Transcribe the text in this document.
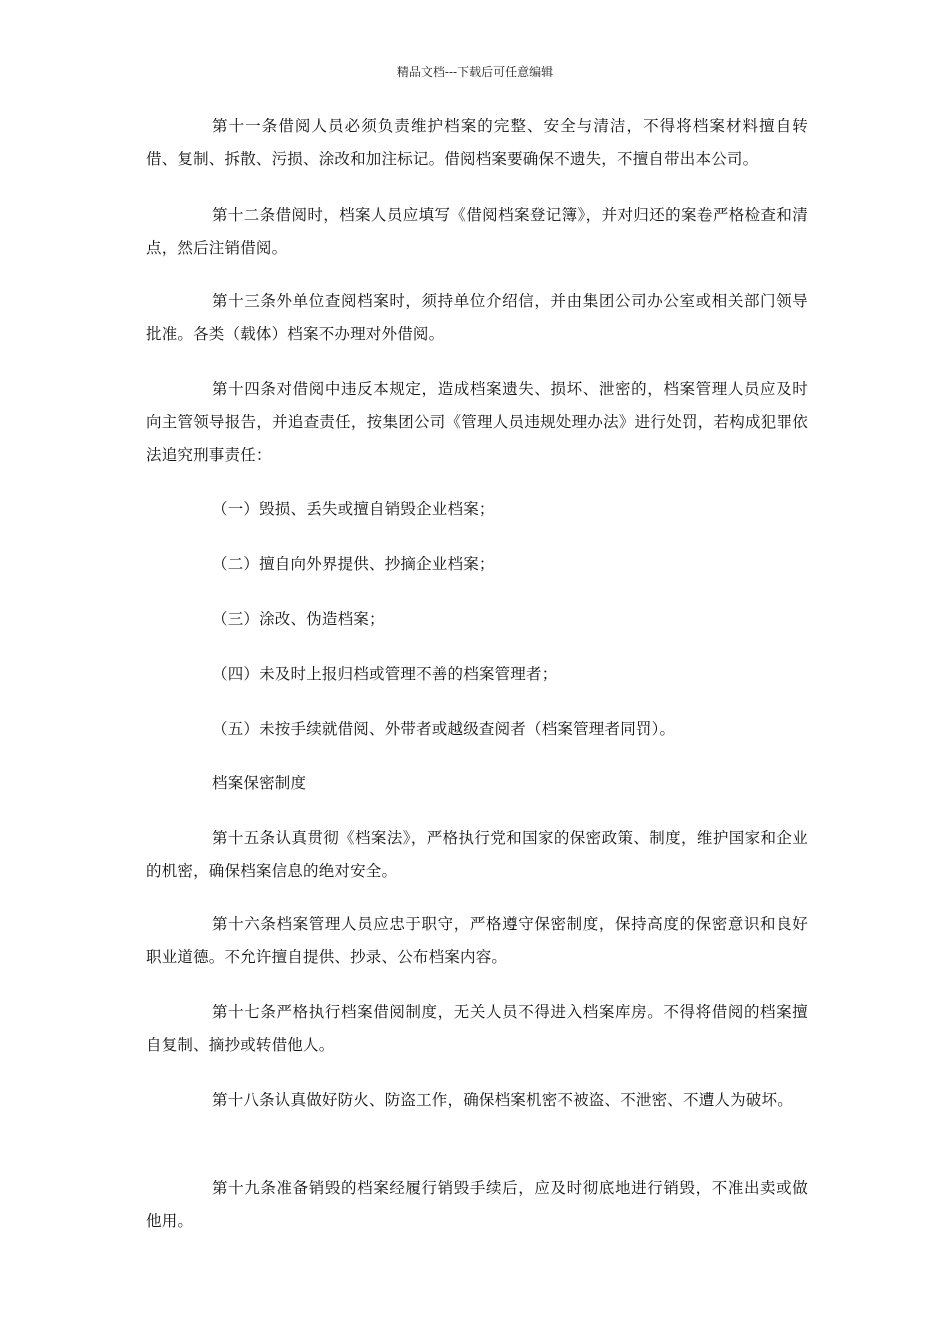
精品文档---下载后可任意编辑

第十一条借阅人员必须负责维护档案的完整、安全与清洁，不得将档案材料擅自转借、复制、拆散、污损、涂改和加注标记。借阅档案要确保不遗失，不擅自带出本公司。

第十二条借阅时，档案人员应填写《借阅档案登记簿》，并对归还的案卷严格检查和清点，然后注销借阅。

第十三条外单位查阅档案时，须持单位介绍信，并由集团公司办公室或相关部门领导批准。各类（载体）档案不办理对外借阅。

第十四条对借阅中违反本规定，造成档案遗失、损坏、泄密的，档案管理人员应及时向主管领导报告，并追查责任，按集团公司《管理人员违规处理办法》进行处罚，若构成犯罪依法追究刑事责任：

（一）毁损、丢失或擅自销毁企业档案；

（二）擅自向外界提供、抄摘企业档案；

（三）涂改、伪造档案；

（四）未及时上报归档或管理不善的档案管理者；

（五）未按手续就借阅、外带者或越级查阅者（档案管理者同罚）。

档案保密制度

第十五条认真贯彻《档案法》，严格执行党和国家的保密政策、制度，维护国家和企业的机密，确保档案信息的绝对安全。

第十六条档案管理人员应忠于职守，严格遵守保密制度，保持高度的保密意识和良好职业道德。不允许擅自提供、抄录、公布档案内容。

第十七条严格执行档案借阅制度，无关人员不得进入档案库房。不得将借阅的档案擅自复制、摘抄或转借他人。

第十八条认真做好防火、防盗工作，确保档案机密不被盗、不泄密、不遭人为破坏。

第十九条准备销毁的档案经履行销毁手续后，应及时彻底地进行销毁，不准出卖或做他用。
